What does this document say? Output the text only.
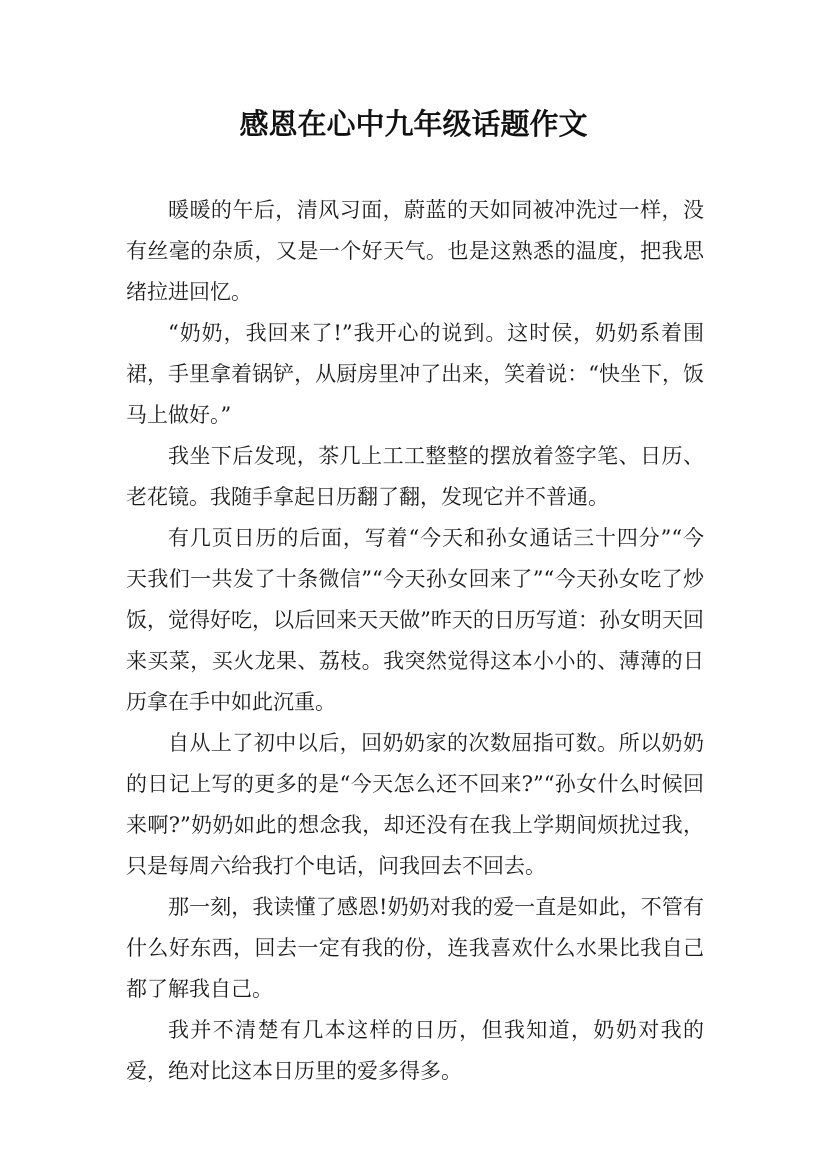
感恩在心中九年级话题作文

暖暖的午后，清风习面，蔚蓝的天如同被冲洗过一样，没有丝毫的杂质，又是一个好天气。也是这熟悉的温度，把我思绪拉进回忆。

“奶奶，我回来了!”我开心的说到。这时侯，奶奶系着围裙，手里拿着锅铲，从厨房里冲了出来，笑着说：“快坐下，饭马上做好。”

我坐下后发现，茶几上工工整整的摆放着签字笔、日历、老花镜。我随手拿起日历翻了翻，发现它并不普通。

有几页日历的后面，写着“今天和孙女通话三十四分”“今天我们一共发了十条微信”“今天孙女回来了”“今天孙女吃了炒饭，觉得好吃，以后回来天天做”昨天的日历写道：孙女明天回来买菜，买火龙果、荔枝。我突然觉得这本小小的、薄薄的日历拿在手中如此沉重。

自从上了初中以后，回奶奶家的次数屈指可数。所以奶奶的日记上写的更多的是“今天怎么还不回来?”“孙女什么时候回来啊?”奶奶如此的想念我，却还没有在我上学期间烦扰过我，只是每周六给我打个电话，问我回去不回去。

那一刻，我读懂了感恩!奶奶对我的爱一直是如此，不管有什么好东西，回去一定有我的份，连我喜欢什么水果比我自己都了解我自己。

我并不清楚有几本这样的日历，但我知道，奶奶对我的爱，绝对比这本日历里的爱多得多。
